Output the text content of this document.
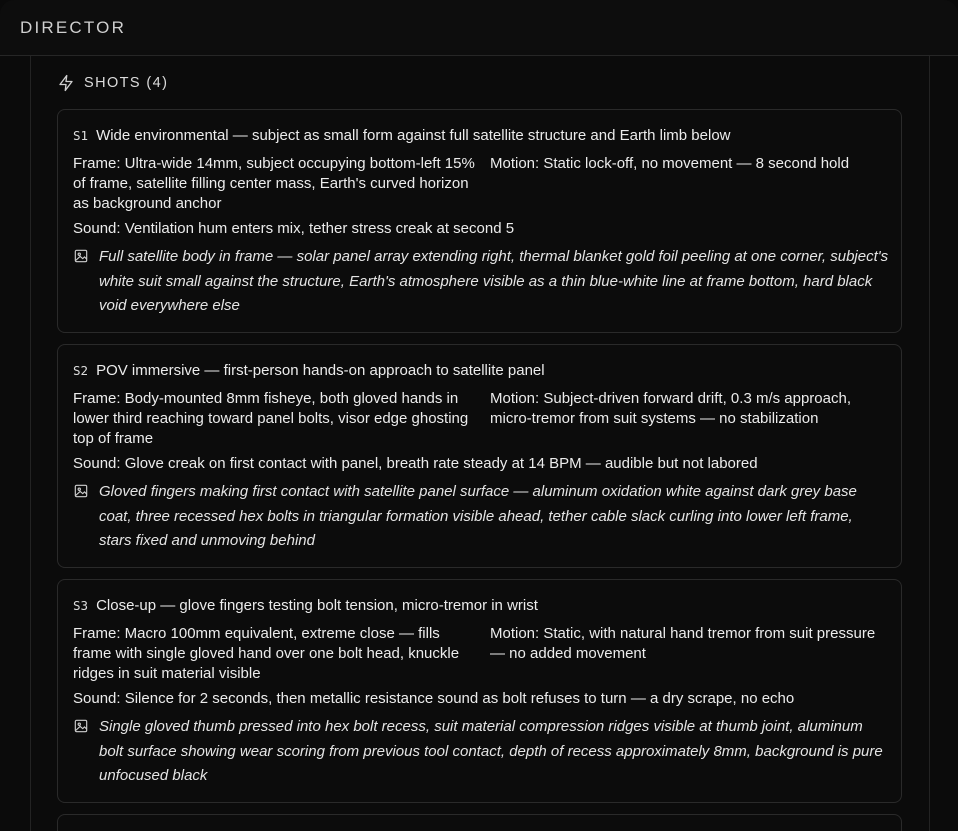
DIRECTOR
SHOTS (4)
S1 Wide environmental — subject as small form against full satellite structure and Earth limb below
Frame: Ultra-wide 14mm, subject occupying bottom-left 15% of frame, satellite filling center mass, Earth's curved horizon as background anchor
Motion: Static lock-off, no movement — 8 second hold
Sound: Ventilation hum enters mix, tether stress creak at second 5
Full satellite body in frame — solar panel array extending right, thermal blanket gold foil peeling at one corner, subject's white suit small against the structure, Earth's atmosphere visible as a thin blue-white line at frame bottom, hard black void everywhere else
S2 POV immersive — first-person hands-on approach to satellite panel
Frame: Body-mounted 8mm fisheye, both gloved hands in lower third reaching toward panel bolts, visor edge ghosting top of frame
Motion: Subject-driven forward drift, 0.3 m/s approach, micro-tremor from suit systems — no stabilization
Sound: Glove creak on first contact with panel, breath rate steady at 14 BPM — audible but not labored
Gloved fingers making first contact with satellite panel surface — aluminum oxidation white against dark grey base coat, three recessed hex bolts in triangular formation visible ahead, tether cable slack curling into lower left frame, stars fixed and unmoving behind
S3 Close-up — glove fingers testing bolt tension, micro-tremor in wrist
Frame: Macro 100mm equivalent, extreme close — fills frame with single gloved hand over one bolt head, knuckle ridges in suit material visible
Motion: Static, with natural hand tremor from suit pressure — no added movement
Sound: Silence for 2 seconds, then metallic resistance sound as bolt refuses to turn — a dry scrape, no echo
Single gloved thumb pressed into hex bolt recess, suit material compression ridges visible at thumb joint, aluminum bolt surface showing wear scoring from previous tool contact, depth of recess approximately 8mm, background is pure unfocused black
